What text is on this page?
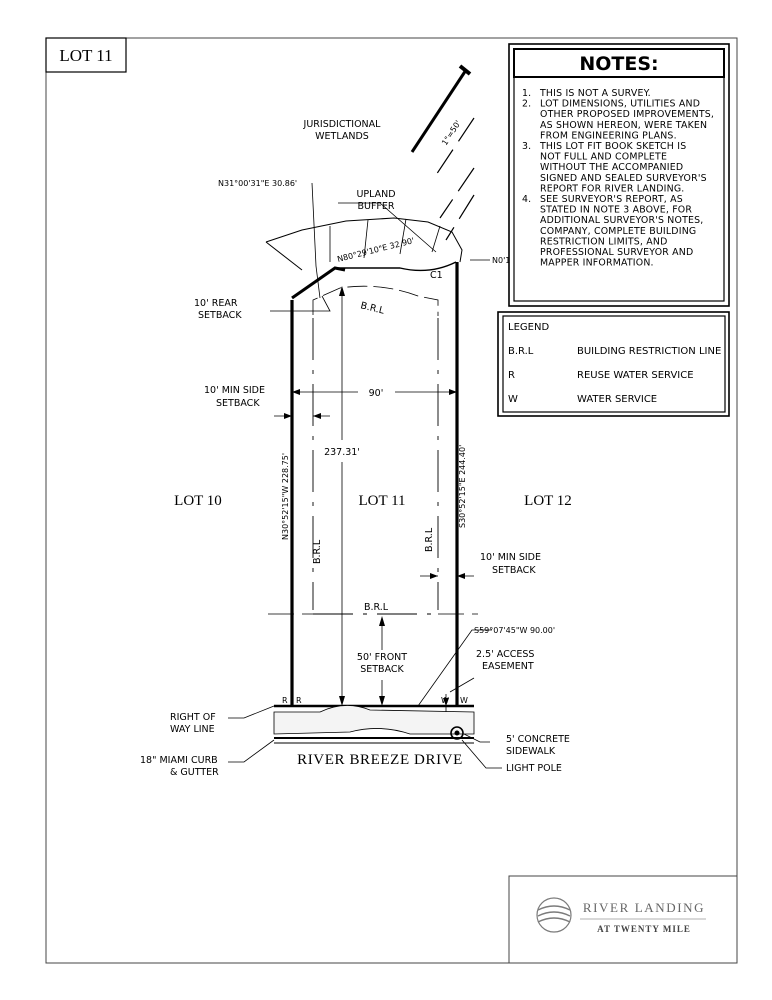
LOT 11	NOTES:
1. THIS IS NOT A SURVEY.
2. LOT DIMENSIONS, UTILITIES AND
OTHER PROPOSED IMPROVEMENTS,
AS SHOWN HEREON, WERE TAKEN
FROM ENGINEERING PLANS.
3. THIS LOT FIT BOOK SKETCH IS
NOT FULL AND COMPLETE
WITHOUT THE ACCOMPANIED
SIGNED AND SEALED SURVEYOR'S
REPORT FOR RIVER LANDING.
4. SEE SURVEYOR'S REPORT, AS
STATED IN NOTE 3 ABOVE, FOR
ADDITIONAL SURVEYOR'S NOTES,
COMPANY, COMPLETE BUILDING
RESTRICTION LIMITS, AND
PROFESSIONAL SURVEYOR AND
MAPPER INFORMATION.
LEGEND
B.R.L	BUILDING RESTRICTION LINE
R	REUSE WATER SERVICE
W	WATER SERVICE
1"=50'
JURISDICTIONAL
WETLANDS
N31°00'31"E 30.86'
UPLAND
BUFFER
N80°29'10"E 32.90'
C1
N0'1
B.R.L
10' REAR
SETBACK
10' MIN SIDE
SETBACK
90'
237.31'
N30°52'15"W 228.75'	S30°52'15"E 244.40'
B.R.L	B.R.L
LOT 10	LOT 11	LOT 12
10' MIN SIDE
SETBACK
B.R.L
S59°07'45"W 90.00'
2.5' ACCESS
EASEMENT
50' FRONT
SETBACK
R R	W W
RIGHT OF
WAY LINE
5' CONCRETE
SIDEWALK
18" MIAMI CURB
& GUTTER
RIVER BREEZE DRIVE
LIGHT POLE
RIVER LANDING
AT TWENTY MILE
